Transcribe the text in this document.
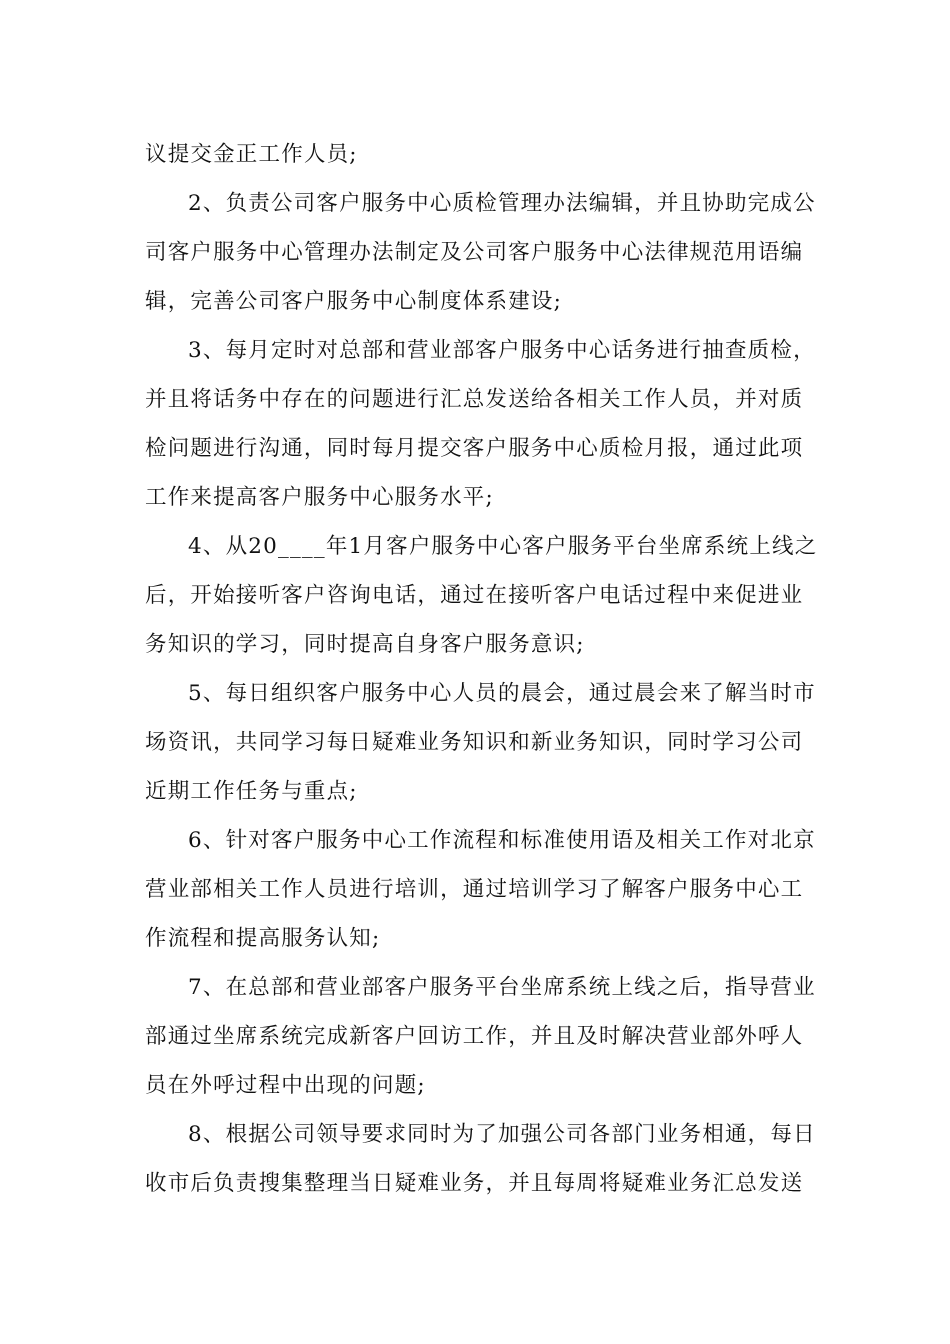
议提交金正工作人员;

2、负责公司客户服务中心质检管理办法编辑，并且协助完成公
司客户服务中心管理办法制定及公司客户服务中心法律规范用语编
辑，完善公司客户服务中心制度体系建设;

3、每月定时对总部和营业部客户服务中心话务进行抽查质检，
并且将话务中存在的问题进行汇总发送给各相关工作人员，并对质
检问题进行沟通，同时每月提交客户服务中心质检月报，通过此项
工作来提高客户服务中心服务水平;

4、从20____年1月客户服务中心客户服务平台坐席系统上线之
后，开始接听客户咨询电话，通过在接听客户电话过程中来促进业
务知识的学习，同时提高自身客户服务意识;

5、每日组织客户服务中心人员的晨会，通过晨会来了解当时市
场资讯，共同学习每日疑难业务知识和新业务知识，同时学习公司
近期工作任务与重点;

6、针对客户服务中心工作流程和标准使用语及相关工作对北京
营业部相关工作人员进行培训，通过培训学习了解客户服务中心工
作流程和提高服务认知;

7、在总部和营业部客户服务平台坐席系统上线之后，指导营业
部通过坐席系统完成新客户回访工作，并且及时解决营业部外呼人
员在外呼过程中出现的问题;

8、根据公司领导要求同时为了加强公司各部门业务相通，每日
收市后负责搜集整理当日疑难业务，并且每周将疑难业务汇总发送
